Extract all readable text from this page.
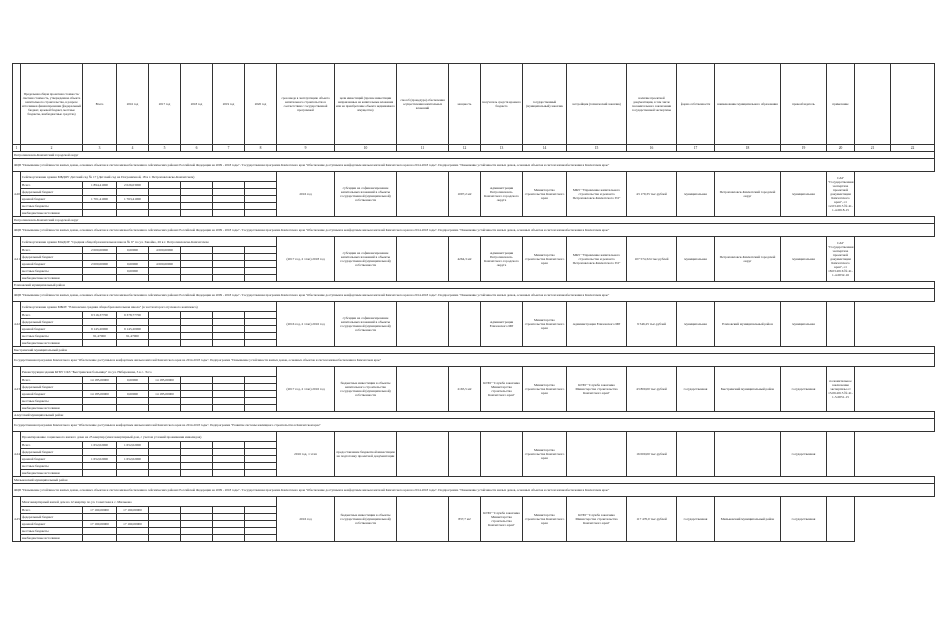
	Предельная общая проектная стоимость/сметная стоимость, утвержденная объекта капитального строительства, в разрезе источников финансирования (федеральный бюджет, краевой бюджет, местные бюджеты, внебюджетные средства)	Всего	2016 год	2017 год	2018 год	2019 год	2020 год	срок ввода в эксплуатацию объекта капитального строительства в соответствии с государственной программой	цели инвестиций (прочие инвестиции направленные на капитальные вложения или на приобретение объекта недвижимого имущества)	способ (процедура) обеспечения осуществления капитальных вложений	мощность	получатель средств краевого бюджета	государственный (муниципальный) заказчик	застройщик (технический заказчик)	наличие проектной документации, в том числе положительного заключения государственной экспертизы	форма собственности	наименование муниципального образования	правообладатель	примечание		
1	2	3	4	5	6	7	8	9	10	11	12	13	14	15	16	17	18	19	20	21	22
Петропавловск-Камчатский городской округ																					
ФЦП "Повышение устойчивости жилых домов, основных объектов и систем жизнеобеспечения в сейсмических районах Российской Федерации на 2009 - 2018 годы" / Государственная программа Камчатского края "Обеспечение доступным и комфортным жильем жителей Камчатского края на 2014-2018 годы". Подпрограмма "Повышение устойчивости жилых домов, основных объектов и систем жизнеобеспечения в Камчатском крае"																					
4.20	Сейсмоусиление здания МБДОУ Детский сад № 17 (Детский сад на Пограничной, 18 в г. Петропавловске-Камчатском)							2016 год	субсидии на софинансирование капитальных вложений в объекты государственной (муниципальной) собственности		1097,2 м2	Администрация Петропавловск-Камчатского городского округа	Министерство строительства Камчатского края	МКУ "Управление капитального строительства и ремонта Петропавловск-Камчатского ГО"	43 179,35 тыс.рублей	муниципальная	Петропавловск-Камчатский городской округ	муниципальная	САУ "Государственная экспертиза проектной документации Камчатского края", от 12.03.2015 № 41-1-4-0018-15		
	Всего	1 894,41000	2 026,03000																		
	федеральный бюджет																				
	краевой бюджет	1 701,41000	1 763,41000																		
	местные бюджеты																				
	внебюджетные источники																				
Петропавловск-Камчатский городской округ																					
ФЦП "Повышение устойчивости жилых домов, основных объектов и систем жизнеобеспечения в сейсмических районах Российской Федерации на 2009 - 2018 годы" / Государственная программа Камчатского края "Обеспечение доступным и комфортным жильем жителей Камчатского края на 2014-2018 годы". Подпрограмма "Повышение устойчивости жилых домов, основных объектов и систем жизнеобеспечения в Камчатском крае"																					
4.21	Сейсмоусиление здания МАДОУ "Средняя общеобразовательная школа № 6" по ул. Завойко, 26 в г. Петропавловске-Камчатском							(2017 год, 2 этап) 2018 год	субсидии на софинансирование капитальных вложений в объекты государственной (муниципальной) собственности		4264,3 м2	Администрация Петропавловск-Камчатского городского округа	Министерство строительства Камчатского края	МКУ "Управление капитального строительства и ремонта Петропавловск-Камчатского ГО"	107 574,324 тыс.рублей	муниципальная	Петропавловск-Камчатский городской округ	муниципальная	САУ "Государственная экспертиза проектной документации Камчатского края", от 18.03.2016 № 41-1-4-0032-16		
	Всего	2 000,00000	0,00000	4 000,00000																	
	федеральный бюджет																				
	краевой бюджет	2 000,00000	0,00000	4 000,00000																	
	местные бюджеты		0,00000																		
	внебюджетные источники																				
Елизовский муниципальный район																					
ФЦП "Повышение устойчивости жилых домов, основных объектов и систем жизнеобеспечения в сейсмических районах Российской Федерации на 2009 - 2018 годы" / Государственная программа Камчатского края "Обеспечение доступным и комфортным жильем жителей Камчатского края на 2014-2018 годы". Подпрограмма "Повышение устойчивости жилых домов, основных объектов и систем жизнеобеспечения в Камчатском крае"																					
4.22	Сейсмоусиление здания МБОУ "Елизовская средняя общеобразовательная школа" (в части второго пускового комплекса)							(2016 год, 2 этап) 2016 год	субсидии на софинансирование капитальных вложений в объекты государственной (муниципальной) собственности			Администрация Елизовского МР	Министерство строительства Камчатского края	Администрация Елизовского МР	9 546,25 тыс.рублей	муниципальная	Елизовский муниципальный район	муниципальная			
	Всего	9 516,37700	9 378,77700																		
	федеральный бюджет																				
	краевой бюджет	9 145,20000	9 145,20000																		
	местные бюджеты	91,47000	91,47000																		
	внебюджетные источники																				
Быстринский муниципальный район																					
Государственная программа Камчатского края "Обеспечение доступным и комфортным жильем жителей Камчатского края на 2014-2018 годы". Подпрограмма "Повышение устойчивости жилых домов, основных объектов и систем жизнеобеспечения в Камчатском крае"																					
4.23	Реконструкция здания КГБУ СКЗ "Быстринская больница" по ул. Набережная, 3 в с. Эссо							(2017 год, 2 этап) 2016 год	бюджетные инвестиции в объекты капитального строительства государственной (муниципальной) собственности		2165,5 м2	КГБУ "Служба заказчика Министерства строительства Камчатского края"	Министерство строительства Камчатского края	КГБУ "Служба заказчика Министерства строительства Камчатского края"	43 800,00 тыс.рублей	государственная	Быстринский муниципальный район	государственная	положительное заключение экспертизы от 15.06.2015 № 41-1-5-0051-15		
	Всего	14 185,00000	0,00000	14 185,00000																	
	федеральный бюджет																				
	краевой бюджет	14 185,00000	0,00000	14 185,00000																	
	местные бюджеты																				
	внебюджетные источники																				
Алеутский муниципальный район																					
Государственная программа Камчатского края "Обеспечение доступным и комфортным жильем жителей Камчатского края на 2014-2018 годы". Подпрограмма "Развитие системы жилищного строительства в Камчатском крае"																					
4.24	Проектирование социального жилого дома на 25 квартир (многоквартирный дом, с учетом условий проживания инвалидов)							2016 год, 1 этап	предоставление бюджетной инвестиции на подготовку проектной документации				Министерство строительства Камчатского края		16 000,00 тыс.рублей			государственная			
	Всего	1 652,02000	1 652,02000																		
	федеральный бюджет																				
	краевой бюджет	1 652,02000	1 652,02000																		
	местные бюджеты																				
	внебюджетные источники																				
Мильковский муниципальный район																					
ФЦП "Повышение устойчивости жилых домов, основных объектов и систем жизнеобеспечения в сейсмических районах Российской Федерации на 2009 - 2018 годы" / Государственная программа Камчатского края "Обеспечение доступным и комфортным жильем жителей Камчатского края на 2014-2018 годы". Подпрограмма "Повышение устойчивости жилых домов, основных объектов и систем жизнеобеспечения в Камчатском крае"																					
4.25	Многоквартирный жилой дом на 12 квартир по ул. Советская в с. Мильково							2016 год	бюджетные инвестиции в объекты государственной (муниципальной) собственности		837,7 м2	КГБУ "Служба заказчика Министерства строительства Камчатского края"	Министерство строительства Камчатского края	КГБУ "Служба заказчика Министерства строительства Камчатского края"	117 470,0 тыс.рублей	государственная	Мильковский муниципальный район	государственная			
	Всего	17 160,00000	17 160,00000																		
	федеральный бюджет																				
	краевой бюджет	17 160,00000	17 160,00000																		
	местные бюджеты																				
	внебюджетные источники																				
